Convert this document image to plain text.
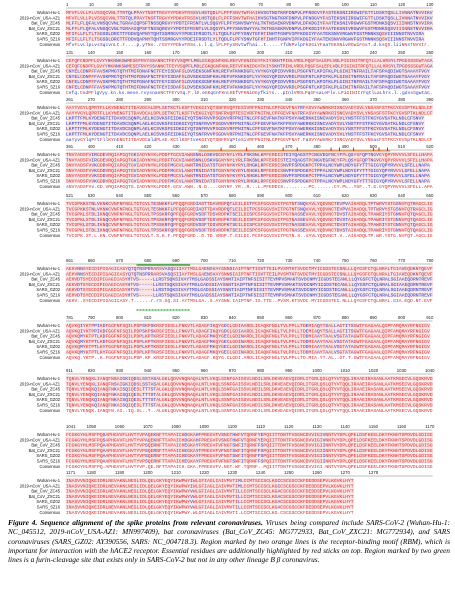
1	10	20	30	40	50	60	70	80	90	100	110	120	130
Wuhan-Hu-1 MFVFLVLLPLVSSQCVNLTTRTQLPPAYTNSFTRGVYYPDKVFRSSVLHSTQDLFLPFFSNVTWFHAIHVSGTNGTKRFDNPVLPFNDGVYFASTEKSNIIRGWIFGTTLDSKTQSLLIVNNATNVVIKV
2019-nCoV_USA-AZ1 MFVFLVLLPLVSSQCVNLTTRTQLPPAYTNSFTRGVYYPDKVFRSSVLHSTQDLFLPFFSNVTWFHAIHVSGTNGTKRFDNPVLPFNDGVYFASTEKSNIIRGWIFGTTLDSKTQSLLIVNNATNVVIKV
Bat_CoV_ZC45 MLFFLFLQFALVNSQCVNLTGRAAIQPSFTNSSQRGVYYPDTIFRSNTLVLSQGYFLPFYSNVSWYYALTKTNSAEKRVDNPVLDFKDGIYFAATEKSNIVRGWVFGSTMDNKSQSVIIINNSTNVVIRA
Bat_CoV_ZXC21 MLFFLFLQFALVNSQCVNLTGRAAIQPSFTNSSQRGVYYPDTIFRSNTLVLSQGYFLPFYSNVSWYYALTKTNSAEKRVDNPVLDFKDGIYFAATEKSNIVRGWVFGSTMDNKSQSVIIINNSTNVVIRA
SARS_GZ02 MFIFLLFLTLTSGSDLDRCTTFDDVQAPNYTQHTSSMRGVYYPDEIFRSDTLYLTQDLFLPFYSNVTGFHTINHTFGNPVIPFKDGIYFAATEKSNVVRGWVFGSTMNNKSQSVIIINNSTNVVIRA
SARS_SZ16 MFIFLLFLTLTSGSDLDRCTTFDDVQAPNYTQHTSSMRGVYYPDEIFRSDTLYLTQDLFLPFYSNVTGFHTINHTFGNPVIPFKDGIYFAATEKSNVVRGWVFGSTMNNKSQSVIIINNSTNVVIRA
Consensus MfvFLvLlpLvsSqcvnLt.r....p.yTNs..rGVYYPDkvFRSs.L.l.q.lFLPFySNvtwfhai..t.....rfdNPvlpFkDGiYFaaTEKSNivRGWiFGsT.d.ksQS.liiNNsTNVVIr.
131	140	150	160	170	180	190	200	210	220	230	240	250	260
Wuhan-Hu-1 CEFQFCNDPFLGVYYHKNNKSWMESEFRVYSSANNCTFEYVSQPFLMDLEGKQGNFKNLREFVFKNIDGYFKIYSKHTPINLVRDLPQGFSALEPLVDLPIGINITRFQTLLALHRSYLTPGDSSSGWTAGA
2019-nCoV_USA-AZ1 CEFQFCNDPFLGVYYHKNNKSWMESEFRVYSSANNCTFEYVSQPFLMDLEGKQGNFKNLREFVFKNIDGYFKIYSKHTPINLVRDLPQGFSALEPLVDLPIGINITRFQTLLALHRSYLTPGDSSSGWTAGA
Bat_CoV_ZC45 CNYELCDNPFFAVSKPMGTQTHTMIFDNAFNCTFEYISDAFSLDVSEKSGNFKHLREFVFKNKDGFLYVYKGYQPIDVVRDLPSGFNTLKPIFKLPLGINITNFRAILTAFSPAQDIWGTSAAAYFVGY
Bat_CoV_ZXC21 CNYELCDNPFFAVSKPMGTQTHTMIFDNAFNCTFEYISDAFSLDVSEKSGNFKHLREFVFKNKDGFLYVYKGYQPIDVVRDLPSGFNTLKPIFKLPLGINITNFRAILTAFSPAQDIWGTSAAAYFVGY
SARS_GZ02 CNFELCDNPFFAVSKPMGTQTHTMIFDNAFNCTFEYISDAFSLDVSEKSGNFKHLREFVFKNKDGFLYVYKGYQPIDVVRDLPSGFNTLKPIFKLPLGINITNFRAILTAFSPAQDIWGTSAAAYFVGY
SARS_SZ16 CNFELCDNPFFAVSKPMGTQTHTMIFDNAFNCTFEYISDAFSLDVSEKSGNFKHLREFVFKNKDGFLYVYKGYQPIDVVRDLPSGFNTLKPIFKLPLGINITNFRAILTAFSPAQDIWGTSAAAYFVGY
Consensus Cefq.CndPFlgVyy.kn.ks.mese.rvysnanNCTFEYvSq.F.lD.eGKqGnFKnLREfVFKNiDGyfkiYs...pInlVRDLPqGFsaLePlv.LPiGINItrFqtlLaLhrs.l..gdssSgwtaG.
261	270	280	290	300	310	320	330	340	350	360	370	380	390
Wuhan-Hu-1 AAYYVGYLQPRTFLLKYNENGTITDAVDCALDPLSETKCTLKSFTVEKGIYQTSNFRVQPTESIVRFPNITNLCPFGEVFNATRFASVYAWNRKRISNCVADYSVLYNSASFSTFKCYGVSPTKLNDLCF
2019-nCoV_USA-AZ1 AAYYVGYLQPRTFLLKYNENGTITDAVDCALDPLSETKCTLKSFTVEKGIYQTSNFRVQPTESIVRFPNITNLCPFGEVFNATRFASVYAWNRKRISNCVADYSVLYNSASFSTFKCYGVSPTKLNDLCF
Bat_CoV_ZC45 LKPTTFMLKYDENGTITDAVDCSQNPLAELKCSVKSFEIDKGIYQTSNFRVVPSGDVVRFPNITNLCPFGEVFNATKFPSVYAWERKKISNCVADYSVLYNSTFFSTFKCYGVSATKLNDLCFSNVY
Bat_CoV_ZXC21 LKPTTFMLKYDENGTITDAVDCSQNPLAELKCSVKSFEIDKGIYQTSNFRVVPSGDVVRFPNITNLCPFGEVFNATKFPSVYAWERKKISNCVADYSVLYNSTFFSTFKCYGVSATKLNDLCFSNVY
SARS_GZ02 LKPTTFMLKYDENGTITDAVDCSQNPLAELKCSVKSFEIDKGIYQTSNFRVVPSGDVVRFPNITNLCPFGEVFNATKFPSVYAWERKKISNCVADYSVLYNSTFFSTFKCYGVSATKLNDLCFSNVY
SARS_SZ16 LKPTTFMLKYDENGTITDAVDCSQNPLAELKCSVKSFEIDKGIYQTSNFRVVPSGDVVRFPNITNLCPFGEVFNATKFPSVYAWERKKISNCVADYSVLYNSTFFSTFKCYGVSATKLNDLCFSNVY
Consensus aaYyvGYlqPrtFllKYnENGTITDAVDCaldPLsE.KCtlKSFtveKGIYQTSNFRVqPteSiVRFPNITNLCPFGEVFNAT.FaSVYAWnRKrISNCVADYSVLYNSasFSTFKCYGVSpTKLNDLCF
391	400	410	420	430	440	450	460	470	480	490	500	510	520
Wuhan-Hu-1 TNVYADSFVIRGDEVRQIAPGQTGKIADYNYKLPDDFTGCVIAWNSNNLDSKVGGNYNYLYRLFRKSNLKPFERDISTEIYQAGSTPCNGVEGFNCYFPLQSYGFQPTNGVGYQPYRVVVLSFELLHAPA
2019-nCoV_USA-AZ1 TNVYADSFVIRGDEVRQIAPGQTGKIADYNYKLPDDFTGCVIAWNSNNLDSKVGGNYNYLYRLFRKSNLKPFERDISTEIYQAGSTPCNGVEGFNCYFPLQSYGFQPTNGVGYQPYRVVVLSFELLHAPA
Bat_CoV_ZC45 SNVYADSFVVKGDDVRQIAPGQTGVIADYNYKLPDDFMGCVLAWNTRNIDATSTGNYNYKYRYLRHGKLRPFERDISNVPFSPDGKPCTPPALNCYWPLNDYGFYTTTGIGYQPYRVVVLSFELLNAPA
Bat_CoV_ZXC21 SNVYADSFVVKGDDVRQIAPGQTGVIADYNYKLPDDFMGCVLAWNTRNIDATSTGNYNYKYRYLRHGKLRPFERDISNVPFSPDGKPCTPPALNCYWPLNDYGFYTTTGIGYQPYRVVVLSFELLNAPA
SARS_GZ02 SNVYADSFVVKGDDVRQIAPGQTGVIADYNYKLPDDFMGCVLAWNTRNIDATSTGNYNYKYRYLRHGKLRPFERDISNVPFSPDGKPCTPPALNCYWPLNDYGFYTTTGIGYQPYRVVVLSFELLNAPA
SARS_SZ16 SNVYADSFVVKGDDVRQIAPGQTGVIADYNYKLPDDFMGCVLAWNTRNIDATSTGNYNYKYRYLRHGKLRPFERDISNVPFSPDGKPCTPPALNCYWPLNDYGFYTTTGIGYQPYRVVVLSFELLNAPA
Consensus sNVYADSFVv.GD.VRQIAPGQTG.IADYNYKLPDDF.GCV.AWN..N.D....GNYNY.YR..R...L.PFERDIS.........PC.......CY.PL..YGF..T.G.GYQPYRVVVLSFELL.APA
521	530	540	550	560	570	580	590	600	610	620	630	640	650
Wuhan-Hu-1 TVCGPKKSTNLVKNKCVNFNFNGLTGTGVLTESNKKFLPFQQFGRDIADTTDAVRDPQTLEILDITPCSFGGVSVITPGTNTSNQVAVLYQDVNCTEVPVAIHADQLTPTWRVYSTGSNVFQTRAGCLIG
2019-nCoV_USA-AZ1 TVCGPKKSTNLVKNKCVNFNFNGLTGTGVLTESNKKFLPFQQFGRDIADTTDAVRDPQTLEILDITPCSFGGVSVITPGTNTSNQVAVLYQDVNCTEVPVAIHADQLTPTWRVYSTGSNVFQTRAGCLIG
Bat_CoV_ZC45 TVCGPKLSTDLIKNQCVNFNFNGLTGTGVLTPSSKRFQPFQQFGRDVSDFTDSVRDPKTSEILDISPCSFGGVSVITPGTNASSEVAVLYQDVNCTDVSTAIHADQLTPAWRIYSTGNNVFQTQAGCLIG
Bat_CoV_ZXC21 TVCGPKLSTDLIKNQCVNFNFNGLTGTGVLTPSSKRFQPFQQFGRDVSDFTDSVRDPKTSEILDISPCSFGGVSVITPGTNASSEVAVLYQDVNCTDVSTAIHADQLTPAWRIYSTGNNVFQTQAGCLIG
SARS_GZ02 TVCGPKLSTDLIKNQCVNFNFNGLTGTGVLTPSSKRFQPFQQFGRDVSDFTDSVRDPKTSEILDISPCSFGGVSVITPGTNASSEVAVLYQDVNCTDVSTAIHADQLTPAWRIYSTGNNVFQTQAGCLIG
SARS_SZ16 TVCGPKLSTDLIKNQCVNFNFNGLTGTGVLTPSSKRFQPFQQFGRDVSDFTDSVRDPKTSEILDISPCSFGGVSVITPGTNASSEVAVLYQDVNCTDVSTAIHADQLTPAWRIYSTGNNVFQTQAGCLIG
Consensus TVCGPK.ST.L.KN.CVNFNFNGLTGTGVLT.S.K.F.PFQQFGRD..D.TD.VRDP.T.EILDI.PCSFGGVSVITPGTN.S..VAVLYQDVNCT.V..AIHADQLTP.WR.YSTG.NVFQT.AGCLIG
651	660	670	680	690	700	710	720	730	740	750	760	770	780
Wuhan-Hu-1 AEHVNNSYECDIPIGAGICASYQTQTNSPRRARSVASQSIIAYTMSLGAENSVAYSNNSIAIPTNFTISVTTEILPVSMTKTSVDCTMYICGDSTECSNLLLQYGSFCTQLNRALTGIAVEQDKNTQEVF
2019-nCoV_USA-AZ1 AEHVNNSYECDIPIGAGICASYQTQTNSPRRARSVASQSIIAYTMSLGAENSVAYSNNSIAIPTNFTISVTTEILPVSMTKTSVDCTMYICGDSTECSNLLLQYGSFCTQLNRALTGIAVEQDKNTQEVF
Bat_CoV_ZC45 AEHVDTSYECDIPIGAGICASYHTVS-----LLRSTSQKSIVAYTMSLGADSSIAYSNNTIAIPTNFSISITTEVMPVSMAKTSVDCNMYICGDSTECANLLLQYGSFCTQLNRALSGIAAEQDRNTREVF
Bat_CoV_ZXC21 AEHVDTSYECDIPIGAGICASYHTVS-----LLRSTSQKSIVAYTMSLGADSSIAYSNNTIAIPTNFSISITTEVMPVSMAKTSVDCNMYICGDSTECANLLLQYGSFCTQLNRALSGIAAEQDRNTREVF
SARS_GZ02 AEHVDTSYECDIPIGAGICASYHTVS-----LLRSTSQKSIVAYTMSLGADSSIAYSNNTIAIPTNFSISITTEVMPVSMAKTSVDCNMYICGDSTECANLLLQYGSFCTQLNRALSGIAAEQDRNTREVF
SARS_SZ16 AEHVDTSYECDIPIGAGICASYHTVS-----LLRSTSQKSIVAYTMSLGADSSIAYSNNTIAIPTNFSISITTEVMPVSMAKTSVDCNMYICGDSTECANLLLQYGSFCTQLNRALSGIAAEQDRNTREVF
Consensus AEHV..SYECDIPIGAGICASY.T......r.rS.SQ.SI.AYTMSLGA..S.AYSNN.IAIPTNF.IS.TTE..PVSM.KTSVDC.MYICGDSTEC.NLLLQYGSFCTQLNRAL.GIA.EQD.NT.EVF
781	790	800	810	820	830	840	850	860	870	880	890	900	910
Wuhan-Hu-1 AQVKQIYKTPPIKDFGGFNFSQILPDPSKPSKRSFIEDLLFNKVTLADAGFIKQYGDCLGDIAARDLICAQKFNGLTVLPPLLTDEMIAQYTSALLAGTITSGWTFGAGAALQIPFAMQMAYRFNGIGV
2019-nCoV_USA-AZ1 AQVKQIYKTPPIKDFGGFNFSQILPDPSKPSKRSFIEDLLFNKVTLADAGFIKQYGDCLGDIAARDLICAQKFNGLTVLPPLLTDEMIAQYTSALLAGTITSGWTFGAGAALQIPFAMQMAYRFNGIGV
Bat_CoV_ZC45 AQVKQMYKTPTLKDFGGFNFSQILPDPLKPTKRSFIEDLLFNKVTLADAGFMKQYGECLGDINARDLICAQKFNGLTVLPPLLTDDMIAAYTAALVSGTATAGWTFGAGAALQIPFAMQMAYRFNGIGV
Bat_CoV_ZXC21 AQVKQMYKTPTLKDFGGFNFSQILPDPLKPTKRSFIEDLLFNKVTLADAGFMKQYGECLGDINARDLICAQKFNGLTVLPPLLTDDMIAAYTAALVSGTATAGWTFGAGAALQIPFAMQMAYRFNGIGV
SARS_GZ02 AQVKQMYKTPTLKYFGGFNFSQILPDPLKPTKRSFIEDLLFNKVTLADAGFMKQYGECLGDINARDLICAQKFNGLTVLPPLLTDDMIAAYTAALVSGTATAGWTFGAGAALQIPFAMQMAYRFNGIGV
SARS_SZ16 AQVKQMYKTPTLKYFGGFNFSQILPDPLKPTKRSFIEDLLFNKVTLADAGFMKQYGECLGDINARDLICAQKFNGLTVLPPLLTDDMIAAYTAALVSGTATAGWTFGAGAALQIPFAMQMAYRFNGIGV
Consensus AQVKQ.YKTP..K.FGGFNFSQILPDP.KP.KRSFIEDLLFNKVTLADAGF.KQYG.CLGDI.ARDLICAQKFNGLTVLPPLLTD.MIA.YT.AL..GT.T.GWTFGAGAALQIPFAMQMAYRFNGIGV
911	920	930	940	950	960	970	980	990	1000	1010	1020	1030	1040
Wuhan-Hu-1 TQNVLYENQKLIANQFNSAIGKIQDSLSSTASALGKLQDVVNQNAQALNTLVKQLSSNFGAISSVLNDILSRLDKVEAEVQIDRLITGRLQSLQTYVTQQLIRAAEIRASANLAATKMSECVLGQSKRVD
2019-nCoV_USA-AZ1 TQNVLYENQKLIANQFNSAIGKIQDSLSSTASALGKLQDVVNQNAQALNTLVKQLSSNFGAISSVLNDILSRLDKVEAEVQIDRLITGRLQSLQTYVTQQLIRAAEIRASANLAATKMSECVLGQSKRVD
Bat_CoV_ZC45 TQNVLYENQKQIANQFNKAISQIQESLTTTSTALGKLQDVVNQNAQALNTLVKQLSSNFGAISSVLNDILSRLDKVEAEVQIDRLITGRLQSLQTYVTQQLIRAAEIRASANLAATKMSECVLGQSKRVD
Bat_CoV_ZXC21 TQNVLYENQKQIANQFNKAISQIQESLTTTSTALGKLQDVVNQNAQALNTLVKQLSSNFGAISSVLNDILSRLDKVEAEVQIDRLITGRLQSLQTYVTQQLIRAAEIRASANLAATKMSECVLGQSKRVD
SARS_GZ02 TQNVLYENQKQIANQFNKAISQIQESLTTTSTALGKLQDVVNQNAQALNTLVKQLSSNFGAISSVLNDILSRLDKVEAEVQIDRLITGRLQSLQTYVTQQLIRAAEIRASANLAATKMSECVLGQSKRVD
SARS_SZ16 TQNVLYENQKQIANQFNKAISQIQESLTTTSTALGKLQDVVNQNAQALNTLVKQLSSNFGAISSVLNDILSRLDKVEAEVQIDRLITGRLQSLQTYVTQQLIRAAEIRASANLAATKMSECVLGQSKRVD
Consensus TQNVLYENQK.IANQFN.AI..IQ.SL..T..ALGKLQDVVNQNAQALNTLVKQLSSNFGAISSVLNDILSRLDKVEAEVQIDRLITGRLQSLQTYVTQQLIRAAEIRASANLAATKMSECVLGQSKRVD
1041	1050	1060	1070	1080	1090	1100	1110	1120	1130	1140	1150	1160	1170
Wuhan-Hu-1 FCGKGYHLMSFPQSAPHGVVFLHVTYVPAQEKNFTTAPAICHDGKAHFPREGVFVSNGTHWFVTQRNFYEPQIITTDNTFVSGNCDVVIGIVNNTVYDPLQPELDSFKEELDKYFKNHTSPDVDLGDISG
2019-nCoV_USA-AZ1 FCGKGYHLMSFPQSAPHGVVFLHVTYVPAQEKNFTTAPAICHDGKAHFPREGVFVSNGTHWFVTQRNFYEPQIITTDNTFVSGNCDVVIGIVNNTVYDPLQPELDSFKEELDKYFKNHTSPDVDLGDISG
Bat_CoV_ZC45 FCGKGYHLMSFPQAAPHGVVFLHVTYVPSQERNFTTAPAICHEGKAYFPREGVFVFNGTSWFITQRNFFSPQIITTDNTFVSGNCDVVIGIINNTVYDPLQPELDSFKEELDKYFKNHTSPDVDLGDISG
Bat_CoV_ZXC21 FCGKGYHLMSFPQAAPHGVVFLHVTYVPSQERNFTTAPAICHEGKAYFPREGVFVFNGTSWFITQRNFFSPQIITTDNTFVSGNCDVVIGIINNTVYDPLQPELDSFKEELDKYFKNHTSPDVDLGDISG
SARS_GZ02 FCGKGYHLMSFPQAAPHGVVFLHVTYVPSQERNFTTAPAICHEGKAYFPREGVFVFNGTSWFITQRNFFSPQIITTDNTFVSGNCDVVIGIINNTVYDPLQPELDSFKEELDKYFKNHTSPDVDLGDISG
SARS_SZ16 FCGKGYHLMSFPQAAPHGVVFLHVTYVPSQERNFTTAPAICHEGKAYFPREGVFVFNGTSWFITQRNFFSPQIITTDNTFVSGNCDVVIGIINNTVYDPLQPELDSFKEELDKYFKNHTSPDVDLGDISG
Consensus FCGKGYHLMSFPQ.APHGVVFLHVTYVP.QE.NFTTAPAICH.GKA.FPREGVFV.NGT.WF.TQRNF..PQIITTDNTFVSGNCDVVIGI.NNTVYDPLQPELDSFKEELDKYFKNHTSPDVDLGDISG
1171	1180	1190	1200	1210	1220	1230	1240	1250	1260	1270	1278
Wuhan-Hu-1 INASVVNIQKEIDRLNEVAKNLNESLIDLQELGKYEQYIKWPWYIWLGFIAGLIAIVMVTIMLCCMTSCCSCLKGCCSCGSCCKFDEDDSEPVLKGVKLHYT
2019-nCoV_USA-AZ1 INASVVNIQKEIDRLNEVAKNLNESLIDLQELGKYEQYIKWPWYIWLGFIAGLIAIVMVTIMLCCMTSCCSCLKGCCSCGSCCKFDEDDSEPVLKGVKLHYT
Bat_CoV_ZC45 INASVVNIQKEIDRLNEVAKNLNESLIDLQELGKYEQYIKWPWYVWLGFIAGLIAIVMVTILLCCMTSCCSCLKGACSCGSCCKFDEDDSEPVLKGVKLHYT
Bat_CoV_ZXC21 INASVVNIQKEIDRLNEVAKNLNESLIDLQELGKYEQYIKWPWYVWLGFIAGLIAIVMVTILLCCMTSCCSCLKGACSCGSCCKFDEDDSEPVLKGVKLHYT
SARS_GZ02 INASVVNIQKEIDRLNEVAKNLNESLIDLQELGKYEQYIKWPWYVWLGFIAGLIAIVMVTILLCCMTSCCSCLKGACSCGSCCKFDEDDSEPVLKGVKLHYT
SARS_SZ16 INASVVNIQKEIDRLNEVAKNLNESLIDLQELGKYEQYIKWPWYVWLGFIAGLIAIVMVTILLCCMTSCCSCLKGACSCGSCCKFDEDDSEPVLKGVKLHYT
Consensus INASVVNIQKEIDRLNEVAKNLNESLIDLQELGKYEQYIKWPWY.WLGFIAGLIAIVMVTI.LCCMTSCCSCLKG.CSCGSCCKFDEDDSEPVLKGVKLHYT
Figure 4. Sequence alignment of the spike proteins from relevant coronaviruses. Viruses being compared include SARS-CoV-2 (Wuhan-Hu-1: NC_045512, 2019-nCoV_USA-AZ1: MN997409), bat coronaviruses (Bat_CoV_ZC45: MG772933, Bat_CoV_ZXC21: MG772934), and SARS coronaviruses (SARS_GZ02: AY390556, SARS: NC_004718.3). Region marked by two orange lines is the receptor-binding motif (RBM), which is important for interaction with the hACE2 receptor. Essential residues are additionally highlighted by red sticks on top. Region marked by two green lines is a furin-cleavage site that exists only in SARS-CoV-2 but not in any other lineage B β coronavirus.
